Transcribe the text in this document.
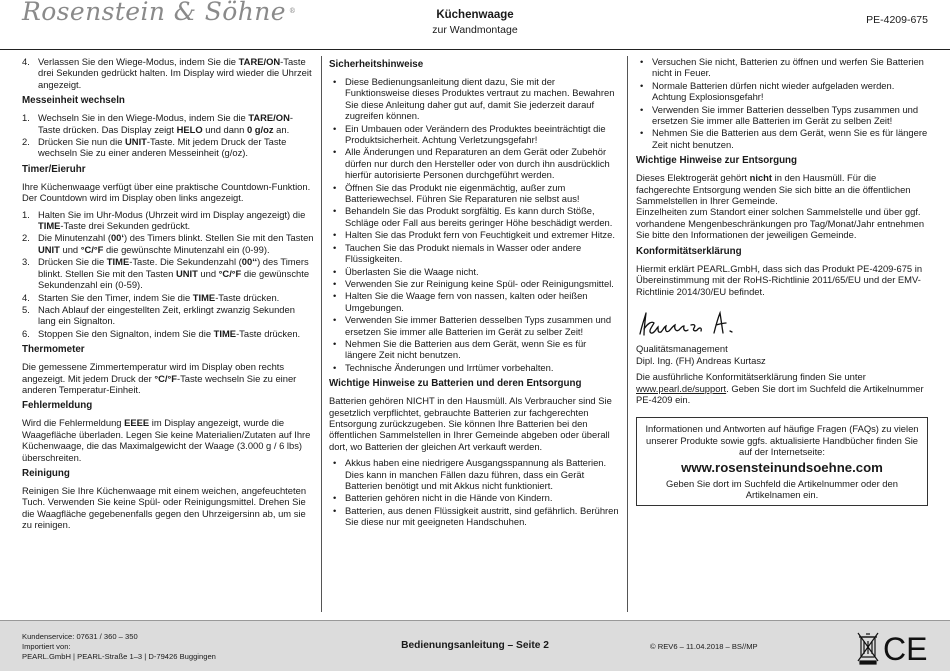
Rosenstein & Söhne ®	Küchenwaage
zur Wandmontage
PE-4209-675
4. Verlassen Sie den Wiege-Modus, indem Sie die TARE/ON-Taste drei Sekunden gedrückt halten. Im Display wird wieder die Uhrzeit angezeigt.
Messeinheit wechseln
1. Wechseln Sie in den Wiege-Modus, indem Sie die TARE/ON-Taste drücken. Das Display zeigt HELO und dann 0 g/oz an.
2. Drücken Sie nun die UNIT-Taste. Mit jedem Druck der Taste wechseln Sie zu einer anderen Messeinheit (g/oz).
Timer/Eieruhr

Ihre Küchenwaage verfügt über eine praktische Countdown-Funktion. Der Countdown wird im Display oben links angezeigt.

1. Halten Sie im Uhr-Modus (Uhrzeit wird im Display angezeigt) die TIME-Taste drei Sekunden gedrückt.
2. Die Minutenzahl (00‘) des Timers blinkt. Stellen Sie mit den Tasten UNIT und °C/°F die gewünschte Minutenzahl ein (0-99).
3. Drücken Sie die TIME-Taste. Die Sekundenzahl (00‘‘) des Timers blinkt. Stellen Sie mit den Tasten UNIT und °C/°F die gewünschte Sekundenzahl ein (0-59).
4. Starten Sie den Timer, indem Sie die TIME-Taste drücken.
5. Nach Ablauf der eingestellten Zeit, erklingt zwanzig Sekunden lang ein Signalton.
6. Stoppen Sie den Signalton, indem Sie die TIME-Taste drücken.
Thermometer

Die gemessene Zimmertemperatur wird im Display oben rechts angezeigt. Mit jedem Druck der °C/°F-Taste wechseln Sie zu einer anderen Temperatur-Einheit.

Fehlermeldung

Wird die Fehlermeldung EEEE im Display angezeigt, wurde die Waagefläche überladen. Legen Sie keine Materialien/Zutaten auf Ihre Küchenwaage, die das Maximalgewicht der Waage (3.000 g / 6 lbs) überschreiten.

Reinigung

Reinigen Sie Ihre Küchenwaage mit einem weichen, angefeuchteten Tuch. Verwenden Sie keine Spül- oder Reinigungsmittel. Drehen Sie die Waagfläche gegebenenfalls gegen den Uhrzeigersinn ab, um sie zu reinigen.

Sicherheitshinweise
• Diese Bedienungsanleitung dient dazu, Sie mit der Funktionsweise dieses Produktes vertraut zu machen. Bewahren Sie diese Anleitung daher gut auf, damit Sie jederzeit darauf zugreifen können.
• Ein Umbauen oder Verändern des Produktes beeinträchtigt die Produktsicherheit. Achtung Verletzungsgefahr!
• Alle Änderungen und Reparaturen an dem Gerät oder Zubehör dürfen nur durch den Hersteller oder von durch ihn ausdrücklich hierfür autorisierte Personen durchgeführt werden.
• Öffnen Sie das Produkt nie eigenmächtig, außer zum Batteriewechsel. Führen Sie Reparaturen nie selbst aus!
• Behandeln Sie das Produkt sorgfältig. Es kann durch Stöße, Schläge oder Fall aus bereits geringer Höhe beschädigt werden.
• Halten Sie das Produkt fern von Feuchtigkeit und extremer Hitze.
• Tauchen Sie das Produkt niemals in Wasser oder andere Flüssigkeiten.
• Überlasten Sie die Waage nicht.
• Verwenden Sie zur Reinigung keine Spül- oder Reinigungsmittel.
• Halten Sie die Waage fern von nassen, kalten oder heißen Umgebungen.
• Verwenden Sie immer Batterien desselben Typs zusammen und ersetzen Sie immer alle Batterien im Gerät zu selber Zeit!
• Nehmen Sie die Batterien aus dem Gerät, wenn Sie es für längere Zeit nicht benutzen.
• Technische Änderungen und Irrtümer vorbehalten.
Wichtige Hinweise zu Batterien und deren Entsorgung

Batterien gehören NICHT in den Hausmüll. Als Verbraucher sind Sie gesetzlich verpflichtet, gebrauchte Batterien zur fachgerechten Entsorgung zurückzugeben. Sie können Ihre Batterien bei den öffentlichen Sammelstellen in Ihrer Gemeinde abgeben oder überall dort, wo Batterien der gleichen Art verkauft werden.

• Akkus haben eine niedrigere Ausgangsspannung als Batterien. Dies kann in manchen Fällen dazu führen, dass ein Gerät Batterien benötigt und mit Akkus nicht funktioniert.
• Batterien gehören nicht in die Hände von Kindern.
• Batterien, aus denen Flüssigkeit austritt, sind gefährlich. Berühren Sie diese nur mit geeigneten Handschuhen.
• Versuchen Sie nicht, Batterien zu öffnen und werfen Sie Batterien nicht in Feuer.
• Normale Batterien dürfen nicht wieder aufgeladen werden. Achtung Explosionsgefahr!
• Verwenden Sie immer Batterien desselben Typs zusammen und ersetzen Sie immer alle Batterien im Gerät zu selben Zeit!
• Nehmen Sie die Batterien aus dem Gerät, wenn Sie es für längere Zeit nicht benutzen.
Wichtige Hinweise zur Entsorgung

Dieses Elektrogerät gehört nicht in den Hausmüll. Für die fachgerechte Entsorgung wenden Sie sich bitte an die öffentlichen Sammelstellen in Ihrer Gemeinde.
Einzelheiten zum Standort einer solchen Sammelstelle und über ggf. vorhandene Mengenbeschränkungen pro Tag/Monat/Jahr entnehmen Sie bitte den Informationen der jeweiligen Gemeinde.

Konformitätserklärung

Hiermit erklärt PEARL.GmbH, dass sich das Produkt PE-4209-675 in Übereinstimmung mit der RoHS-Richtlinie 2011/65/EU und der EMV-Richtlinie 2014/30/EU befindet.

Qualitätsmanagement
Dipl. Ing. (FH) Andreas Kurtasz

Die ausführliche Konformitätserklärung finden Sie unter www.pearl.de/support. Geben Sie dort im Suchfeld die Artikelnummer PE-4209 ein.

Informationen und Antworten auf häufige Fragen (FAQs) zu vielen unserer Produkte sowie ggfs. aktualisierte Handbücher finden Sie auf der Internetseite:
www.rosensteinundsoehne.com
Geben Sie dort im Suchfeld die Artikelnummer oder den Artikelnamen ein.
Kundenservice: 07631 / 360 – 350
Importiert von:
PEARL.GmbH | PEARL-Straße 1–3 | D-79426 Buggingen
Bedienungsanleitung – Seite 2	© REV6 – 11.04.2018 – BS//MP	CE
